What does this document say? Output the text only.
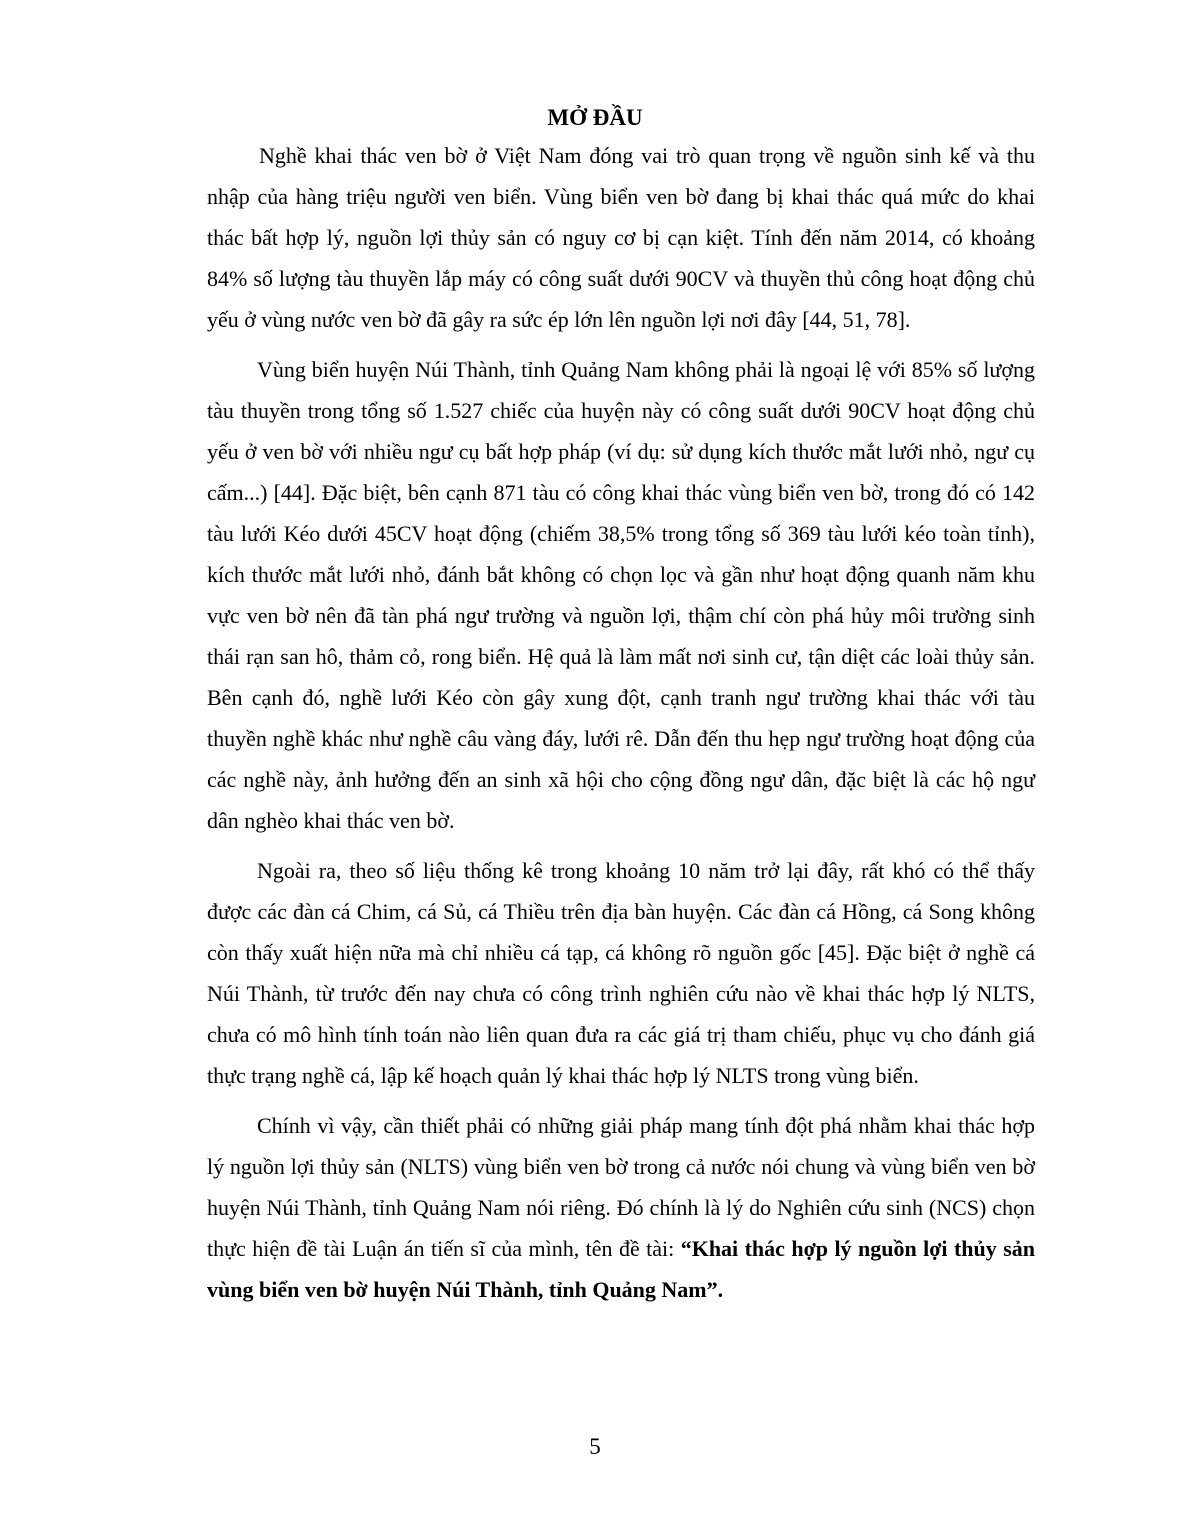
MỞ ĐẦU

Nghề khai thác ven bờ ở Việt Nam đóng vai trò quan trọng về nguồn sinh kế và thu nhập của hàng triệu người ven biển. Vùng biển ven bờ đang bị khai thác quá mức do khai thác bất hợp lý, nguồn lợi thủy sản có nguy cơ bị cạn kiệt. Tính đến năm 2014, có khoảng 84% số lượng tàu thuyền lắp máy có công suất dưới 90CV và thuyền thủ công hoạt động chủ yếu ở vùng nước ven bờ đã gây ra sức ép lớn lên nguồn lợi nơi đây [44, 51, 78].

Vùng biển huyện Núi Thành, tỉnh Quảng Nam không phải là ngoại lệ với 85% số lượng tàu thuyền trong tổng số 1.527 chiếc của huyện này có công suất dưới 90CV hoạt động chủ yếu ở ven bờ với nhiều ngư cụ bất hợp pháp (ví dụ: sử dụng kích thước mắt lưới nhỏ, ngư cụ cấm...) [44]. Đặc biệt, bên cạnh 871 tàu có công khai thác vùng biển ven bờ, trong đó có 142 tàu lưới Kéo dưới 45CV hoạt động (chiếm 38,5% trong tổng số 369 tàu lưới kéo toàn tỉnh), kích thước mắt lưới nhỏ, đánh bắt không có chọn lọc và gần như hoạt động quanh năm khu vực ven bờ nên đã tàn phá ngư trường và nguồn lợi, thậm chí còn phá hủy môi trường sinh thái rạn san hô, thảm cỏ, rong biển. Hệ quả là làm mất nơi sinh cư, tận diệt các loài thủy sản. Bên cạnh đó, nghề lưới Kéo còn gây xung đột, cạnh tranh ngư trường khai thác với tàu thuyền nghề khác như nghề câu vàng đáy, lưới rê. Dẫn đến thu hẹp ngư trường hoạt động của các nghề này, ảnh hưởng đến an sinh xã hội cho cộng đồng ngư dân, đặc biệt là các hộ ngư dân nghèo khai thác ven bờ.

Ngoài ra, theo số liệu thống kê trong khoảng 10 năm trở lại đây, rất khó có thể thấy được các đàn cá Chim, cá Sủ, cá Thiều trên địa bàn huyện. Các đàn cá Hồng, cá Song không còn thấy xuất hiện nữa mà chỉ nhiều cá tạp, cá không rõ nguồn gốc [45]. Đặc biệt ở nghề cá Núi Thành, từ trước đến nay chưa có công trình nghiên cứu nào về khai thác hợp lý NLTS, chưa có mô hình tính toán nào liên quan đưa ra các giá trị tham chiếu, phục vụ cho đánh giá thực trạng nghề cá, lập kế hoạch quản lý khai thác hợp lý NLTS trong vùng biển.

Chính vì vậy, cần thiết phải có những giải pháp mang tính đột phá nhằm khai thác hợp lý nguồn lợi thủy sản (NLTS) vùng biển ven bờ trong cả nước nói chung và vùng biển ven bờ huyện Núi Thành, tỉnh Quảng Nam nói riêng. Đó chính là lý do Nghiên cứu sinh (NCS) chọn thực hiện đề tài Luận án tiến sĩ của mình, tên đề tài: “Khai thác hợp lý nguồn lợi thủy sản vùng biển ven bờ huyện Núi Thành, tỉnh Quảng Nam”.

5
